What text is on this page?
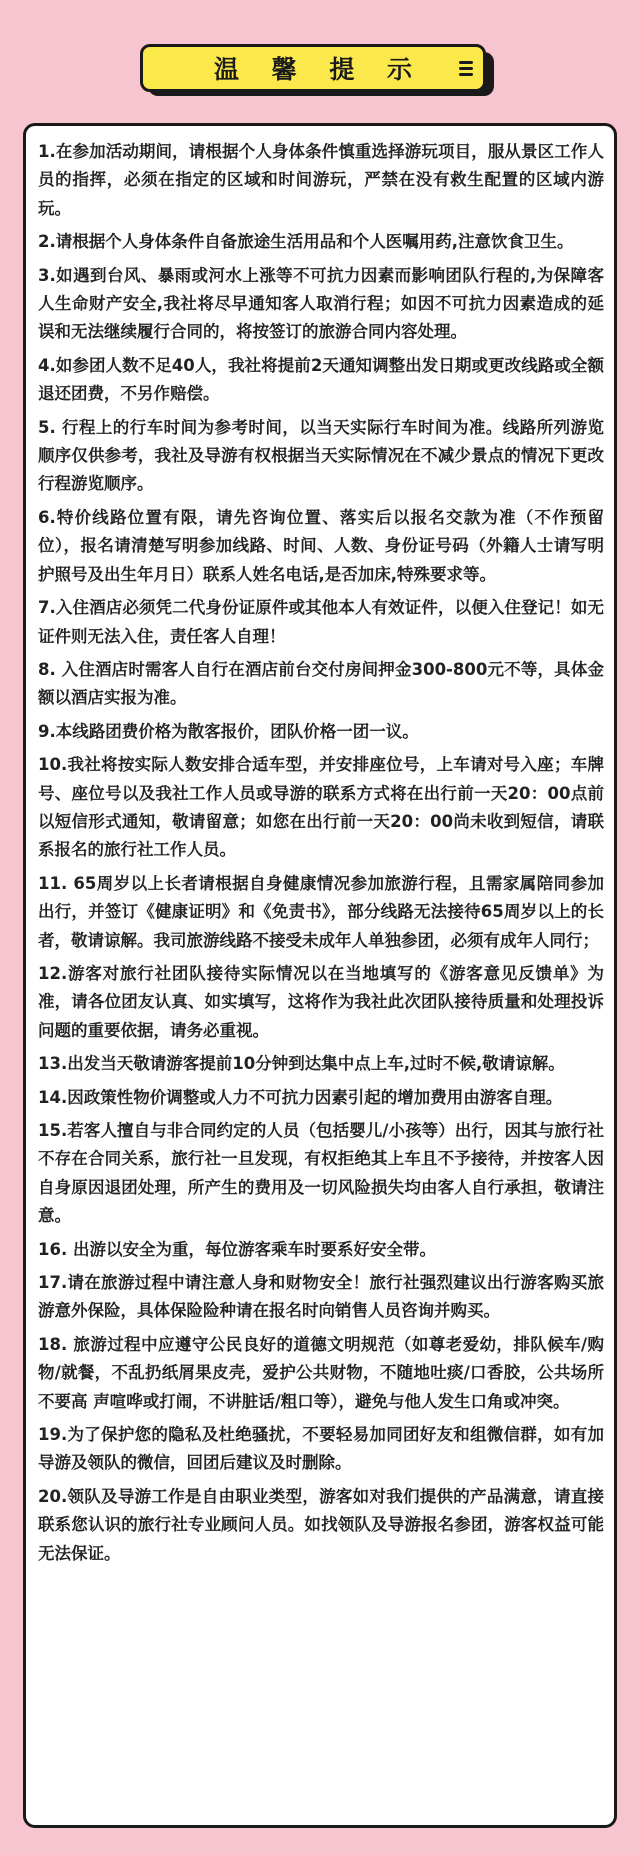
温 馨 提 示

1.在参加活动期间，请根据个人身体条件慎重选择游玩项目，服从景区工作人员的指挥，必须在指定的区域和时间游玩，严禁在没有救生配置的区域内游玩。

2.请根据个人身体条件自备旅途生活用品和个人医嘱用药,注意饮食卫生。

3.如遇到台风、暴雨或河水上涨等不可抗力因素而影响团队行程的,为保障客人生命财产安全,我社将尽早通知客人取消行程；如因不可抗力因素造成的延误和无法继续履行合同的，将按签订的旅游合同内容处理。

4.如参团人数不足40人，我社将提前2天通知调整出发日期或更改线路或全额退还团费，不另作赔偿。

5. 行程上的行车时间为参考时间，以当天实际行车时间为准。线路所列游览顺序仅供参考，我社及导游有权根据当天实际情况在不减少景点的情况下更改行程游览顺序。

6.特价线路位置有限，请先咨询位置、落实后以报名交款为准（不作预留位），报名请清楚写明参加线路、时间、人数、身份证号码（外籍人士请写明护照号及出生年月日）联系人姓名电话,是否加床,特殊要求等。

7.入住酒店必须凭二代身份证原件或其他本人有效证件，以便入住登记！如无证件则无法入住，责任客人自理！

8. 入住酒店时需客人自行在酒店前台交付房间押金300-800元不等，具体金额以酒店实报为准。

9.本线路团费价格为散客报价，团队价格一团一议。

10.我社将按实际人数安排合适车型，并安排座位号，上车请对号入座；车牌号、座位号以及我社工作人员或导游的联系方式将在出行前一天20：00点前以短信形式通知，敬请留意；如您在出行前一天20：00尚未收到短信，请联系报名的旅行社工作人员。

11. 65周岁以上长者请根据自身健康情况参加旅游行程，且需家属陪同参加出行，并签订《健康证明》和《免责书》，部分线路无法接待65周岁以上的长者，敬请谅解。我司旅游线路不接受未成年人单独参团，必须有成年人同行；

12.游客对旅行社团队接待实际情况以在当地填写的《游客意见反馈单》为准，请各位团友认真、如实填写，这将作为我社此次团队接待质量和处理投诉问题的重要依据，请务必重视。

13.出发当天敬请游客提前10分钟到达集中点上车,过时不候,敬请谅解。

14.因政策性物价调整或人力不可抗力因素引起的增加费用由游客自理。

15.若客人擅自与非合同约定的人员（包括婴儿/小孩等）出行，因其与旅行社不存在合同关系，旅行社一旦发现，有权拒绝其上车且不予接待，并按客人因自身原因退团处理，所产生的费用及一切风险损失均由客人自行承担，敬请注意。

16. 出游以安全为重，每位游客乘车时要系好安全带。

17.请在旅游过程中请注意人身和财物安全！旅行社强烈建议出行游客购买旅游意外保险，具体保险险种请在报名时向销售人员咨询并购买。

18. 旅游过程中应遵守公民良好的道德文明规范（如尊老爱幼，排队候车/购物/就餐，不乱扔纸屑果皮壳，爱护公共财物，不随地吐痰/口香胶，公共场所不要高 声喧哗或打闹，不讲脏话/粗口等），避免与他人发生口角或冲突。

19.为了保护您的隐私及杜绝骚扰，不要轻易加同团好友和组微信群，如有加导游及领队的微信，回团后建议及时删除。

20.领队及导游工作是自由职业类型，游客如对我们提供的产品满意，请直接联系您认识的旅行社专业顾问人员。如找领队及导游报名参团，游客权益可能无法保证。
